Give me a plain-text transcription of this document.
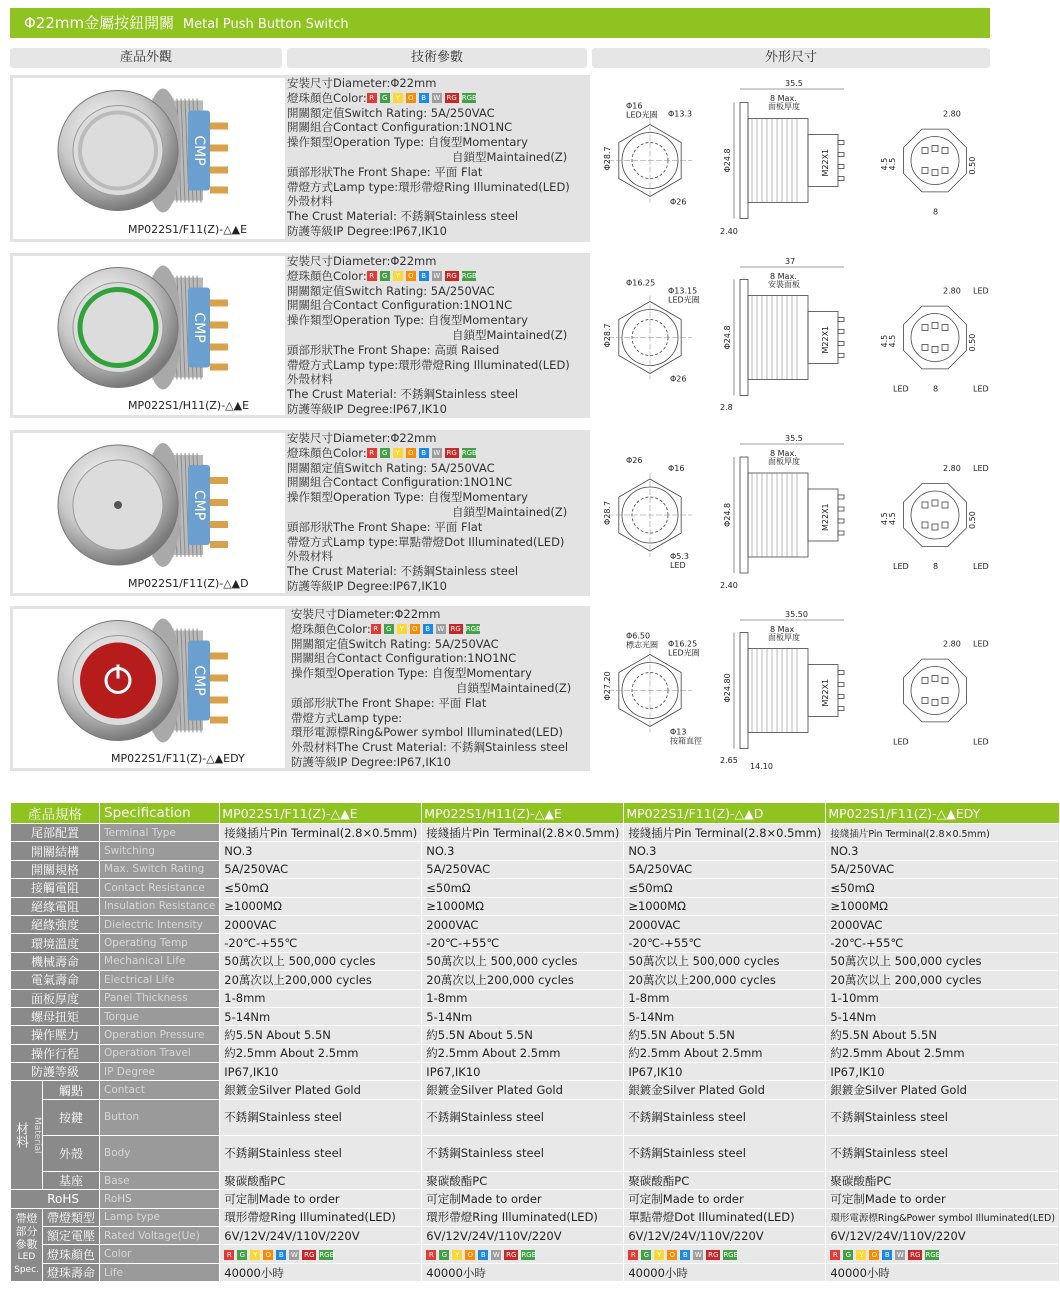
Φ22mm金屬按鈕開關 Metal Push Button Switch
產品外觀	技術參數	外形尺寸
CMP
MP022S1/F11(Z)-△▲E
安裝尺寸Diameter:Φ22mm
燈珠顏色Color: R G Y O B W RG RGB
開關額定值Switch Rating: 5A/250VAC
開關組合Contact Configuration:1NO1NC
操作類型Operation Type: 自復型Momentary
自鎖型Maintained(Z)
頭部形狀The Front Shape: 平面 Flat
帶燈方式Lamp type:環形帶燈Ring Illuminated(LED)
外殼材料
The Crust Material: 不銹鋼Stainless steel
防護等級IP Degree:IP67,IK10
Φ16
LED光圈 Φ13.3
Φ28.7	Φ24.8
Φ26
35.5
8 Max.
面板厚度
M22X1
2.40
2.80
4.5 4.5	0.50
8
CMP
MP022S1/H11(Z)-△▲E
安裝尺寸Diameter:Φ22mm
燈珠顏色Color: R G Y O B W RG RGB
開關額定值Switch Rating: 5A/250VAC
開關組合Contact Configuration:1NO1NC
操作類型Operation Type: 自復型Momentary
自鎖型Maintained(Z)
頭部形狀The Front Shape: 高頭 Raised
帶燈方式Lamp type:環形帶燈Ring Illuminated(LED)
外殼材料
The Crust Material: 不銹鋼Stainless steel
防護等級IP Degree:IP67,IK10
Φ16.25
Φ13.15
LED光圈
Φ28.7	Φ24.8
Φ26
37
8 Max.
安裝面板
M22X1
2.8
2.80
4.5 4.5	0.50
8
LED
LED	LED
CMP
MP022S1/F11(Z)-△▲D
安裝尺寸Diameter:Φ22mm
燈珠顏色Color: R G Y O B W RG RGB
開關額定值Switch Rating: 5A/250VAC
開關組合Contact Configuration:1NO1NC
操作類型Operation Type: 自復型Momentary
自鎖型Maintained(Z)
頭部形狀The Front Shape: 平面 Flat
帶燈方式Lamp type:單點帶燈Dot Illuminated(LED)
外殼材料
The Crust Material: 不銹鋼Stainless steel
防護等級IP Degree:IP67,IK10
Φ26
Φ16
Φ28.7	Φ24.8
Φ5.3
LED
35.5
8 Max.
面板厚度
M22X1
2.40
2.80
4.5 4.5	0.50
8
LED
LED	LED
CMP
MP022S1/F11(Z)-△▲EDY
安裝尺寸Diameter:Φ22mm
燈珠顏色Color: R G Y O B W RG RGB
開關額定值Switch Rating: 5A/250VAC
開關組合Contact Configuration:1NO1NC
操作類型Operation Type: 自復型Momentary
自鎖型Maintained(Z)
頭部形狀The Front Shape: 平面 Flat
帶燈方式Lamp type:
環形電源標Ring&Power symbol Illuminated(LED)
外殼材料The Crust Material: 不銹鋼Stainless steel
防護等級IP Degree:IP67,IK10
Φ6.50
標志光圈 Φ16.25
LED光圈
Φ27.20	Φ24.80
Φ13
按箱直徑
35.50
8 Max
面板厚度
M22X1
2.65
14.10
2.80 LED
LED	LED
產品規格		Specification	MP022S1/F11(Z)-△▲E	MP022S1/H11(Z)-△▲E	MP022S1/F11(Z)-△▲D	MP022S1/F11(Z)-△▲EDY
尾部配置		Terminal Type	接綫插片Pin Terminal(2.8×0.5mm)	接綫插片Pin Terminal(2.8×0.5mm)	接綫插片Pin Terminal(2.8×0.5mm)	接綫插片Pin Terminal(2.8×0.5mm)
開關結構		Switching	NO.3	NO.3	NO.3	NO.3
開關規格		Max. Switch Rating	5A/250VAC	5A/250VAC	5A/250VAC	5A/250VAC
接觸電阻		Contact Resistance	≤50mΩ	≤50mΩ	≤50mΩ	≤50mΩ
絕緣電阻		Insulation Resistance	≥1000MΩ	≥1000MΩ	≥1000MΩ	≥1000MΩ
絕緣強度		Dielectric Intensity	2000VAC	2000VAC	2000VAC	2000VAC
環境溫度		Operating Temp	-20℃-+55℃	-20℃-+55℃	-20℃-+55℃	-20℃-+55℃
機械壽命		Mechanical Life	50萬次以上 500,000 cycles	50萬次以上 500,000 cycles	50萬次以上 500,000 cycles	50萬次以上 500,000 cycles
電氣壽命		Electrical Life	20萬次以上200,000 cycles	20萬次以上200,000 cycles	20萬次以上200,000 cycles	20萬次以上 200,000 cycles
面板厚度		Panel Thickness	1-8mm	1-8mm	1-8mm	1-10mm
螺母扭矩		Torque	5-14Nm	5-14Nm	5-14Nm	5-14Nm
操作壓力		Operation Pressure	約5.5N About 5.5N	約5.5N About 5.5N	約5.5N About 5.5N	約5.5N About 5.5N
操作行程		Operation Travel	約2.5mm About 2.5mm	約2.5mm About 2.5mm	約2.5mm About 2.5mm	約2.5mm About 2.5mm
防護等級		IP Degree	IP67,IK10	IP67,IK10	IP67,IK10	IP67,IK10

材料 Material	觸點	Contact	銀鍍金Silver Plated Gold	銀鍍金Silver Plated Gold	銀鍍金Silver Plated Gold	銀鍍金Silver Plated Gold
	按鍵	Button	不銹鋼Stainless steel	不銹鋼Stainless steel	不銹鋼Stainless steel	不銹鋼Stainless steel
	外殼	Body	不銹鋼Stainless steel	不銹鋼Stainless steel	不銹鋼Stainless steel	不銹鋼Stainless steel
	基座	Base	聚碳酸酯PC	聚碳酸酯PC	聚碳酸酯PC	聚碳酸酯PC
RoHS		RoHS	可定制Made to order	可定制Made to order	可定制Made to order	可定制Made to order

帶燈
部分
參數
LED
Spec.	帶燈類型	Lamp type	環形帶燈Ring Illuminated(LED)	環形帶燈Ring Illuminated(LED)	單點帶燈Dot Illuminated(LED)	環形電源標Ring&Power symbol Illuminated(LED)
	額定電壓	Rated Voltage(Ue)	6V/12V/24V/110V/220V	6V/12V/24V/110V/220V	6V/12V/24V/110V/220V	6V/12V/24V/110V/220V
	燈珠顏色	Color	R G Y O B W RG RGB	R G Y O B W RG RGB	R G Y O B W RG RGB	R G Y O B W RG RGB
	燈珠壽命	Life	40000小時	40000小時	40000小時	40000小時
